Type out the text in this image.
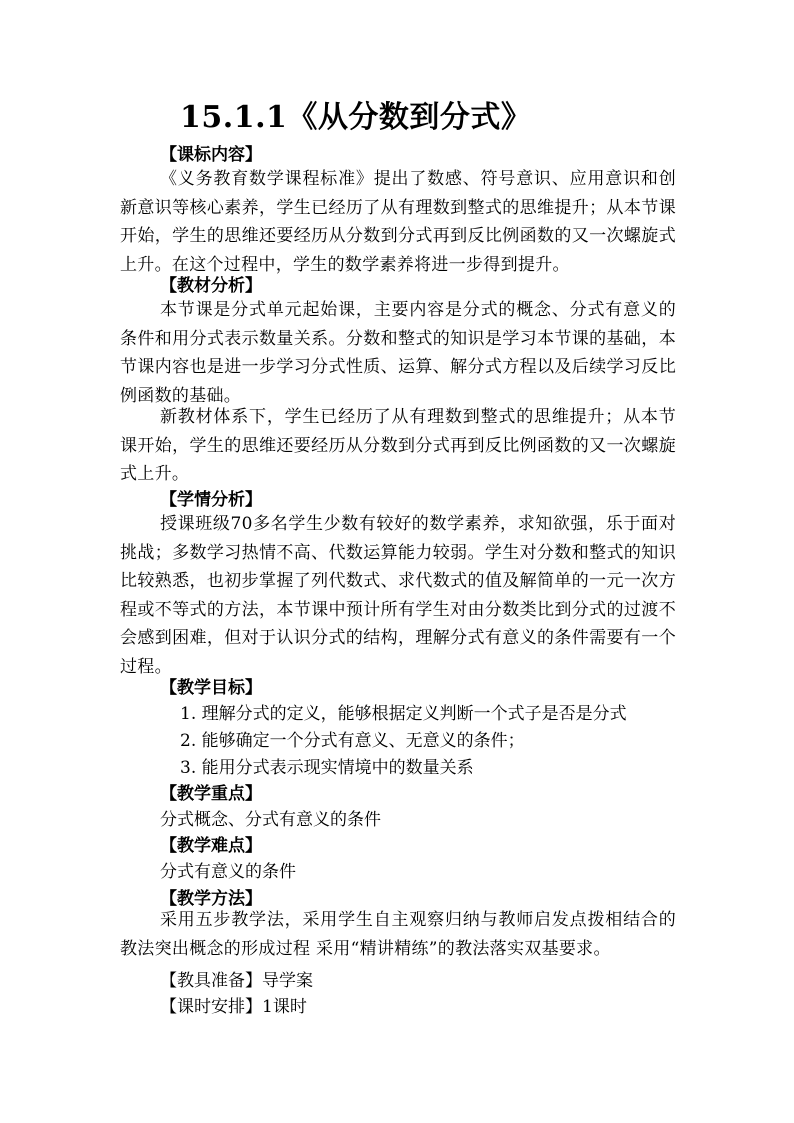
15.1.1《从分数到分式》
【课标内容】
《义务教育数学课程标准》提出了数感、符号意识、应用意识和创新意识等核心素养，学生已经历了从有理数到整式的思维提升；从本节课开始，学生的思维还要经历从分数到分式再到反比例函数的又一次螺旋式上升。在这个过程中，学生的数学素养将进一步得到提升。
【教材分析】
本节课是分式单元起始课，主要内容是分式的概念、分式有意义的条件和用分式表示数量关系。分数和整式的知识是学习本节课的基础，本节课内容也是进一步学习分式性质、运算、解分式方程以及后续学习反比例函数的基础。
新教材体系下，学生已经历了从有理数到整式的思维提升；从本节课开始，学生的思维还要经历从分数到分式再到反比例函数的又一次螺旋式上升。
【学情分析】
授课班级70多名学生少数有较好的数学素养，求知欲强，乐于面对挑战；多数学习热情不高、代数运算能力较弱。学生对分数和整式的知识比较熟悉，也初步掌握了列代数式、求代数式的值及解简单的一元一次方程或不等式的方法，本节课中预计所有学生对由分数类比到分式的过渡不会感到困难，但对于认识分式的结构，理解分式有意义的条件需要有一个过程。
【教学目标】
1. 理解分式的定义，能够根据定义判断一个式子是否是分式
2. 能够确定一个分式有意义、无意义的条件；
3. 能用分式表示现实情境中的数量关系
【教学重点】
分式概念、分式有意义的条件
【教学难点】
分式有意义的条件
【教学方法】
采用五步教学法，采用学生自主观察归纳与教师启发点拨相结合的教法突出概念的形成过程 采用“精讲精练”的教法落实双基要求。
【教具准备】导学案
【课时安排】1课时
